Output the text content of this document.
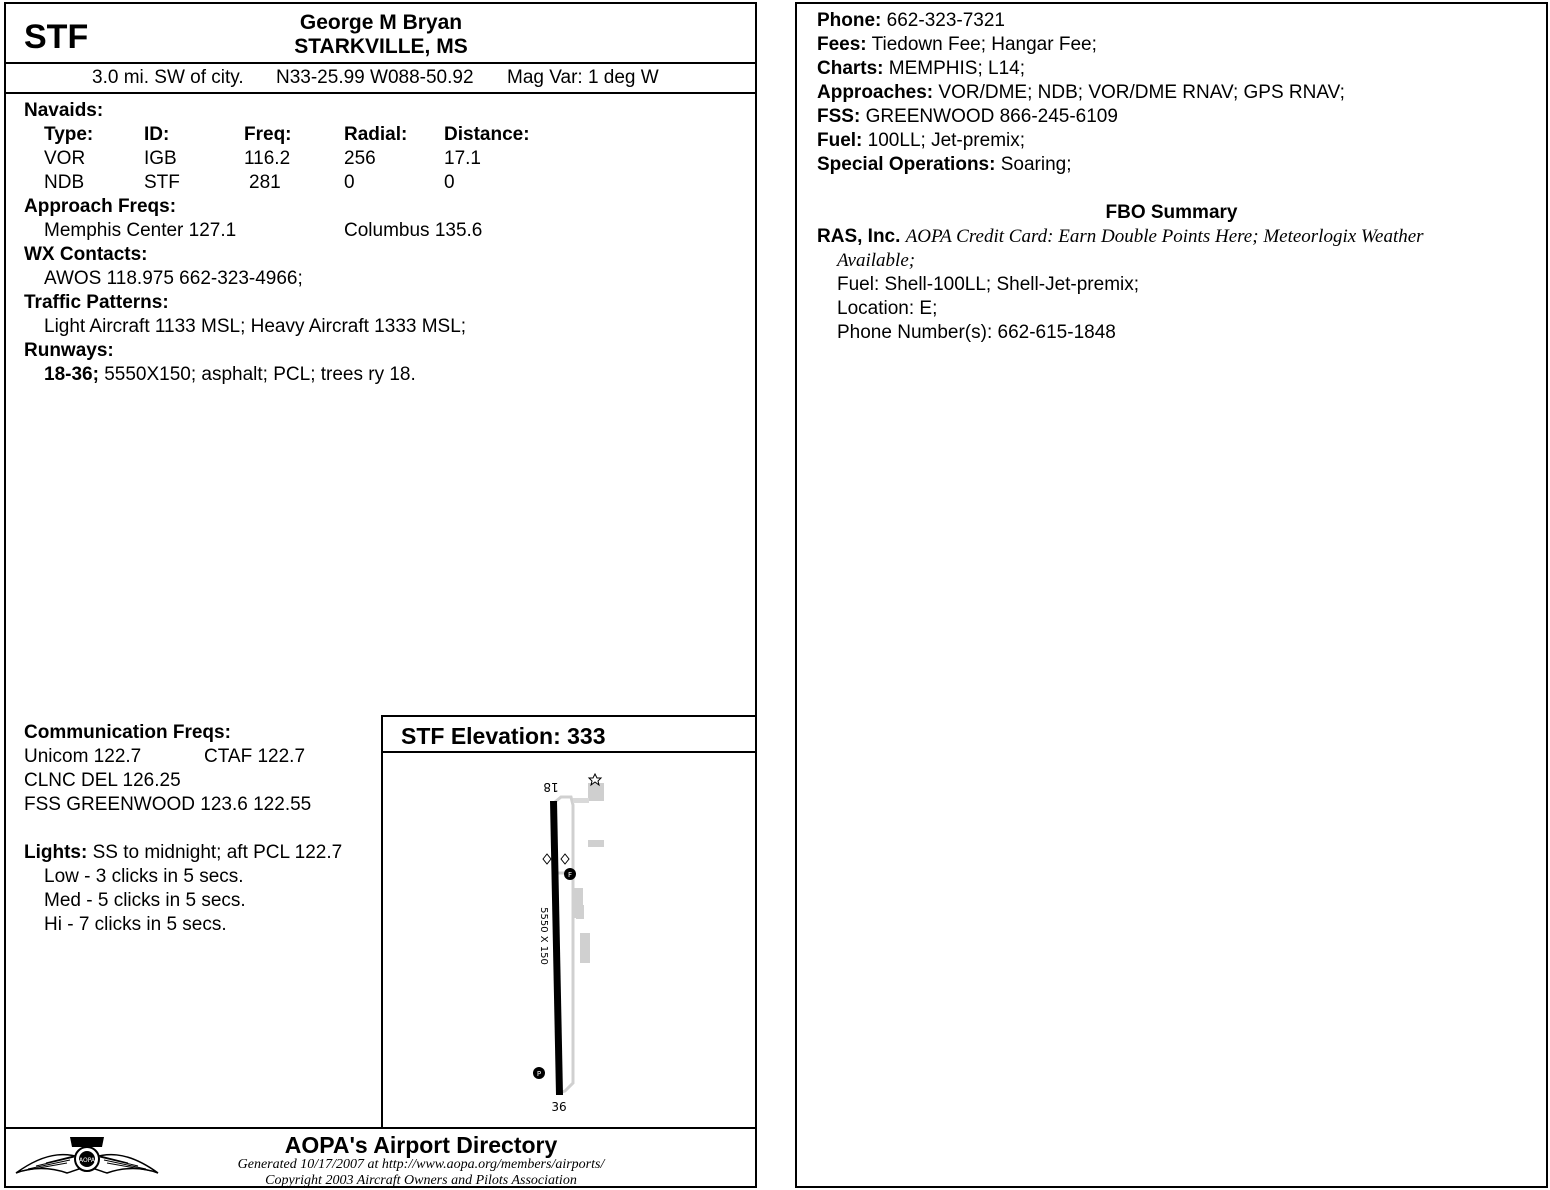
STF	George M Bryan
STARKVILLE, MS
3.0 mi. SW of city. N33-25.99 W088-50.92 Mag Var: 1 deg W
Navaids:
Type:	ID:	Freq:	Radial: Distance:
VOR	IGB	116.2	256	17.1
NDB	STF	281	0	0
Approach Freqs:
Memphis Center 127.1	Columbus 135.6
WX Contacts:
AWOS 118.975 662-323-4966;
Traffic Patterns:
Light Aircraft 1133 MSL; Heavy Aircraft 1333 MSL;
Runways:
18-36; 5550X150; asphalt; PCL; trees ry 18.
Communication Freqs:
Unicom 122.7	CTAF 122.7
CLNC DEL 126.25
FSS GREENWOOD 123.6 122.55
Lights: SS to midnight; aft PCL 122.7
Low - 3 clicks in 5 secs.
Med - 5 clicks in 5 secs.
Hi - 7 clicks in 5 secs.
STF Elevation: 333
18
36
5550 X 150
F
P
AOPA
AOPA's Airport Directory
Generated 10/17/2007 at http://www.aopa.org/members/airports/
Copyright 2003 Aircraft Owners and Pilots Association
Phone: 662-323-7321
Fees: Tiedown Fee; Hangar Fee;
Charts: MEMPHIS; L14;
Approaches: VOR/DME; NDB; VOR/DME RNAV; GPS RNAV;
FSS: GREENWOOD 866-245-6109
Fuel: 100LL; Jet-premix;
Special Operations: Soaring;
FBO Summary
RAS, Inc. AOPA Credit Card: Earn Double Points Here; Meteorlogix Weather
Available;
Fuel: Shell-100LL; Shell-Jet-premix;
Location: E;
Phone Number(s): 662-615-1848
